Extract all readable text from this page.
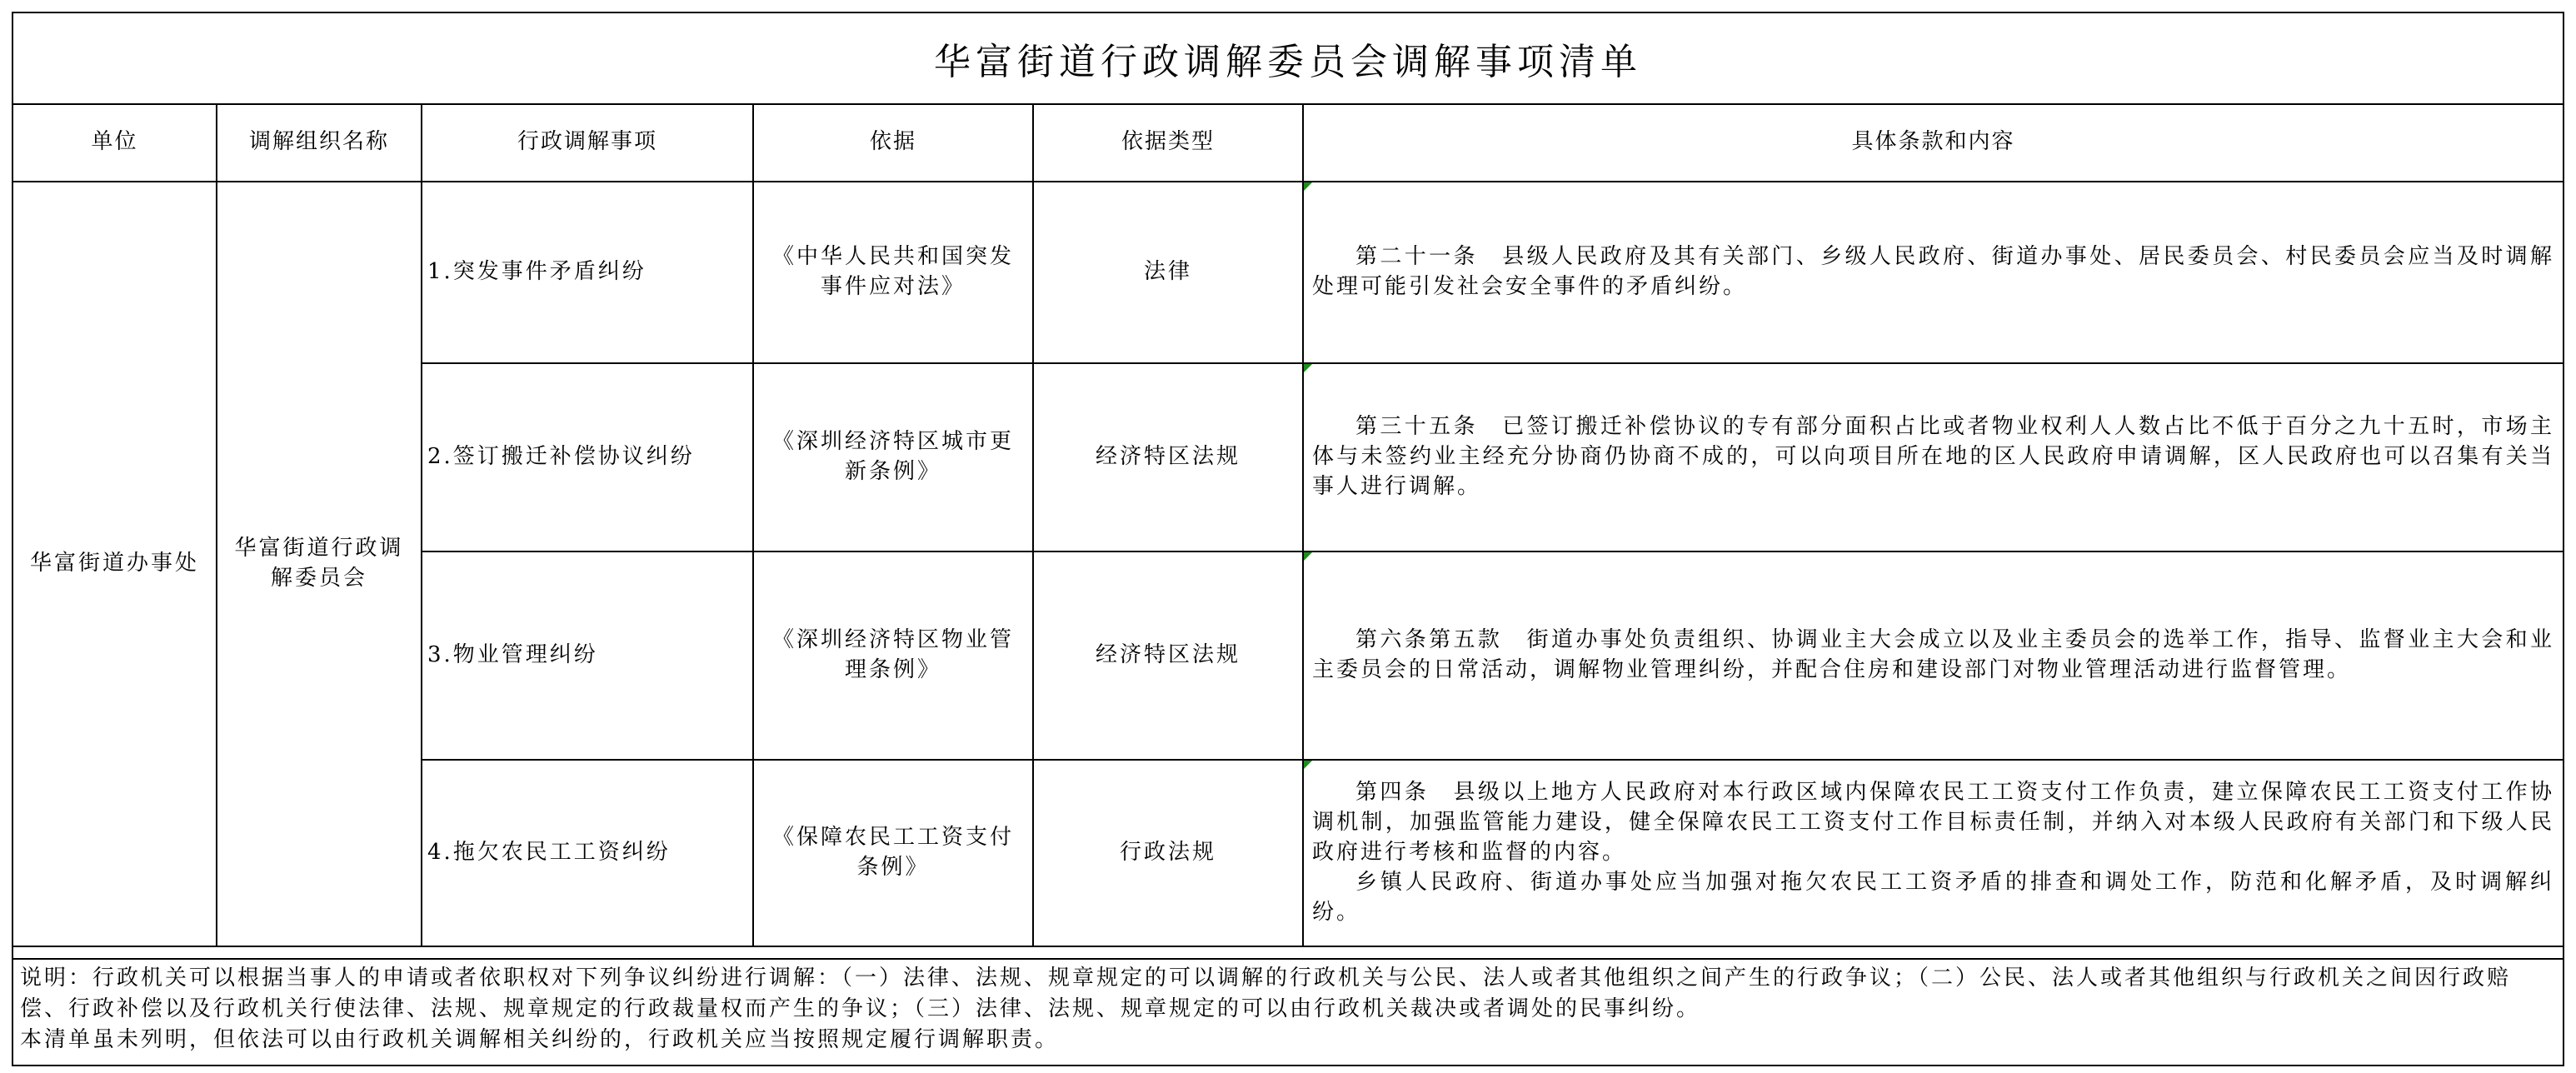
华富街道行政调解委员会调解事项清单
单位	调解组织名称	行政调解事项	依据	依据类型	具体条款和内容
华富街道办事处	华富街道行政调解委员会	1.突发事件矛盾纠纷	《中华人民共和国突发事件应对法》	法律	第二十一条　县级人民政府及其有关部门、乡级人民政府、街道办事处、居民委员会、村民委员会应当及时调解处理可能引发社会安全事件的矛盾纠纷。

		2.签订搬迁补偿协议纠纷	《深圳经济特区城市更新条例》	经济特区法规	第三十五条　已签订搬迁补偿协议的专有部分面积占比或者物业权利人人数占比不低于百分之九十五时，市场主体与未签约业主经充分协商仍协商不成的，可以向项目所在地的区人民政府申请调解，区人民政府也可以召集有关当事人进行调解。

		3.物业管理纠纷	《深圳经济特区物业管理条例》	经济特区法规	第六条第五款　街道办事处负责组织、协调业主大会成立以及业主委员会的选举工作，指导、监督业主大会和业主委员会的日常活动，调解物业管理纠纷，并配合住房和建设部门对物业管理活动进行监督管理。

		4.拖欠农民工工资纠纷	《保障农民工工资支付条例》	行政法规	第四条　县级以上地方人民政府对本行政区域内保障农民工工资支付工作负责，建立保障农民工工资支付工作协调机制，加强监管能力建设，健全保障农民工工资支付工作目标责任制，并纳入对本级人民政府有关部门和下级人民政府进行考核和监督的内容。
乡镇人民政府、街道办事处应当加强对拖欠农民工工资矛盾的排查和调处工作，防范和化解矛盾，及时调解纠纷。

说明：行政机关可以根据当事人的申请或者依职权对下列争议纠纷进行调解：（一）法律、法规、规章规定的可以调解的行政机关与公民、法人或者其他组织之间产生的行政争议；（二）公民、法人或者其他组织与行政机关之间因行政赔偿、行政补偿以及行政机关行使法律、法规、规章规定的行政裁量权而产生的争议；（三）法律、法规、规章规定的可以由行政机关裁决或者调处的民事纠纷。

本清单虽未列明，但依法可以由行政机关调解相关纠纷的，行政机关应当按照规定履行调解职责。
